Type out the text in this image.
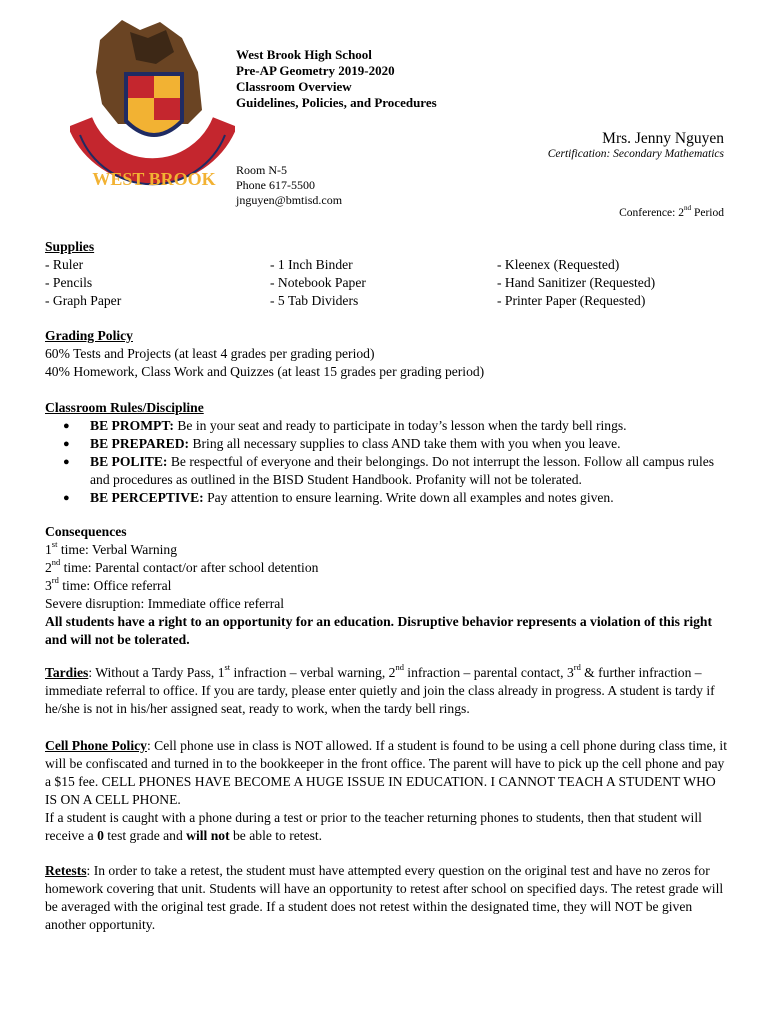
WEST BROOK
West Brook High School
Pre-AP Geometry 2019-2020
Classroom Overview
Guidelines, Policies, and Procedures
Mrs. Jenny Nguyen
Certification: Secondary Mathematics
Room N-5
Phone 617-5500
jnguyen@bmtisd.com
Conference: 2nd Period
Supplies
- Ruler
- Pencils
- Graph Paper
- 1 Inch Binder
- Notebook Paper
- 5 Tab Dividers
- Kleenex (Requested)
- Hand Sanitizer (Requested)
- Printer Paper (Requested)
Grading Policy
60% Tests and Projects (at least 4 grades per grading period)
40% Homework, Class Work and Quizzes (at least 15 grades per grading period)
Classroom Rules/Discipline
● BE PROMPT: Be in your seat and ready to participate in today’s lesson when the tardy bell rings.
● BE PREPARED: Bring all necessary supplies to class AND take them with you when you leave.
● BE POLITE: Be respectful of everyone and their belongings. Do not interrupt the lesson. Follow all campus rules and procedures as outlined in the BISD Student Handbook. Profanity will not be tolerated.
● BE PERCEPTIVE: Pay attention to ensure learning. Write down all examples and notes given.
Consequences
1st time: Verbal Warning
2nd time: Parental contact/or after school detention
3rd time: Office referral
Severe disruption: Immediate office referral
All students have a right to an opportunity for an education. Disruptive behavior represents a violation of this right and will not be tolerated.
Tardies: Without a Tardy Pass, 1st infraction – verbal warning, 2nd infraction – parental contact, 3rd & further infraction – immediate referral to office. If you are tardy, please enter quietly and join the class already in progress. A student is tardy if he/she is not in his/her assigned seat, ready to work, when the tardy bell rings.
Cell Phone Policy: Cell phone use in class is NOT allowed. If a student is found to be using a cell phone during class time, it will be confiscated and turned in to the bookkeeper in the front office. The parent will have to pick up the cell phone and pay a $15 fee. CELL PHONES HAVE BECOME A HUGE ISSUE IN EDUCATION. I CANNOT TEACH A STUDENT WHO IS ON A CELL PHONE.
If a student is caught with a phone during a test or prior to the teacher returning phones to students, then that student will receive a 0 test grade and will not be able to retest.
Retests: In order to take a retest, the student must have attempted every question on the original test and have no zeros for homework covering that unit. Students will have an opportunity to retest after school on specified days. The retest grade will be averaged with the original test grade. If a student does not retest within the designated time, they will NOT be given another opportunity.
